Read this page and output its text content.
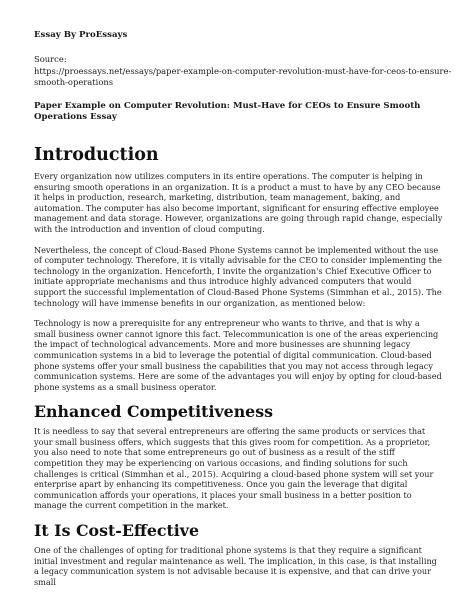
Essay By ProEssays
Source:
https://proessays.net/essays/paper-example-on-computer-revolution-must-have-for-ceos-to-ensure-smooth-operations
Paper Example on Computer Revolution: Must-Have for CEOs to Ensure Smooth Operations Essay
Introduction

Every organization now utilizes computers in its entire operations. The computer is helping in ensuring smooth operations in an organization. It is a product a must to have by any CEO because it helps in production, research, marketing, distribution, team management, baking, and automation. The computer has also become important, significant for ensuring effective employee management and data storage. However, organizations are going through rapid change, especially with the introduction and invention of cloud computing.

Nevertheless, the concept of Cloud-Based Phone Systems cannot be implemented without the use of computer technology. Therefore, it is vitally advisable for the CEO to consider implementing the technology in the organization. Henceforth, I invite the organization's Chief Executive Officer to initiate appropriate mechanisms and thus introduce highly advanced computers that would support the successful implementation of Cloud-Based Phone Systems (Simmhan et al., 2015). The technology will have immense benefits in our organization, as mentioned below:

Technology is now a prerequisite for any entrepreneur who wants to thrive, and that is why a small business owner cannot ignore this fact. Telecommunication is one of the areas experiencing the impact of technological advancements. More and more businesses are shunning legacy communication systems in a bid to leverage the potential of digital communication. Cloud-based phone systems offer your small business the capabilities that you may not access through legacy communication systems. Here are some of the advantages you will enjoy by opting for cloud-based phone systems as a small business operator.

Enhanced Competitiveness

It is needless to say that several entrepreneurs are offering the same products or services that your small business offers, which suggests that this gives room for competition. As a proprietor, you also need to note that some entrepreneurs go out of business as a result of the stiff competition they may be experiencing on various occasions, and finding solutions for such challenges is critical (Simmhan et al., 2015). Acquiring a cloud-based phone system will set your enterprise apart by enhancing its competitiveness. Once you gain the leverage that digital communication affords your operations, it places your small business in a better position to manage the current competition in the market.

It Is Cost-Effective

One of the challenges of opting for traditional phone systems is that they require a significant initial investment and regular maintenance as well. The implication, in this case, is that installing a legacy communication system is not advisable because it is expensive, and that can drive your small
